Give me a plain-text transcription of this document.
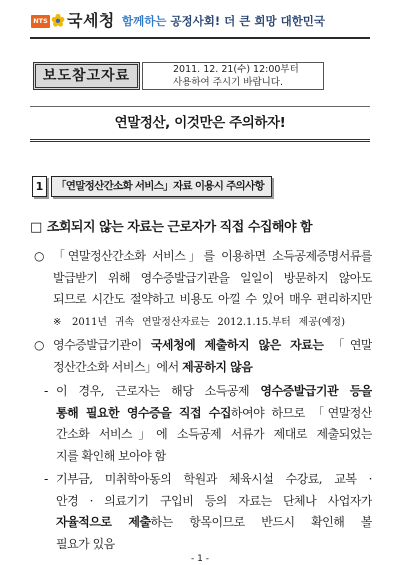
NTS 국세청 함께하는 공정사회! 더 큰 희망 대한민국
보도참고자료	2011. 12. 21(수) 12:00부터
사용하여 주시기 바랍니다.
연말정산, 이것만은 주의하자!
1	「연말정산간소화 서비스」자료 이용시 주의사항
□ 조회되지 않는 자료는 근로자가 직접 수집해야 함
○ 「연말정산간소화 서비스」를 이용하면 소득공제증명서류를
발급받기 위해 영수증발급기관을 일일이 방문하지 않아도
되므로 시간도 절약하고 비용도 아낄 수 있어 매우 편리하지만
※ 2011년 귀속 연말정산자료는 2012.1.15.부터 제공(예정)
○ 영수증발급기관이 국세청에 제출하지 않은 자료는 「연말
정산간소화 서비스」에서 제공하지 않음
- 이 경우, 근로자는 해당 소득공제 영수증발급기관 등을
통해 필요한 영수증을 직접 수집하여야 하므로 「연말정산
간소화 서비스」에 소득공제 서류가 제대로 제출되었는
지를 확인해 보아야 함
- 기부금, 미취학아동의 학원과 체육시설 수강료, 교복 ·
안경 · 의료기기 구입비 등의 자료는 단체나 사업자가
자율적으로 제출하는 항목이므로 반드시 확인해 볼
필요가 있음
- 1 -
